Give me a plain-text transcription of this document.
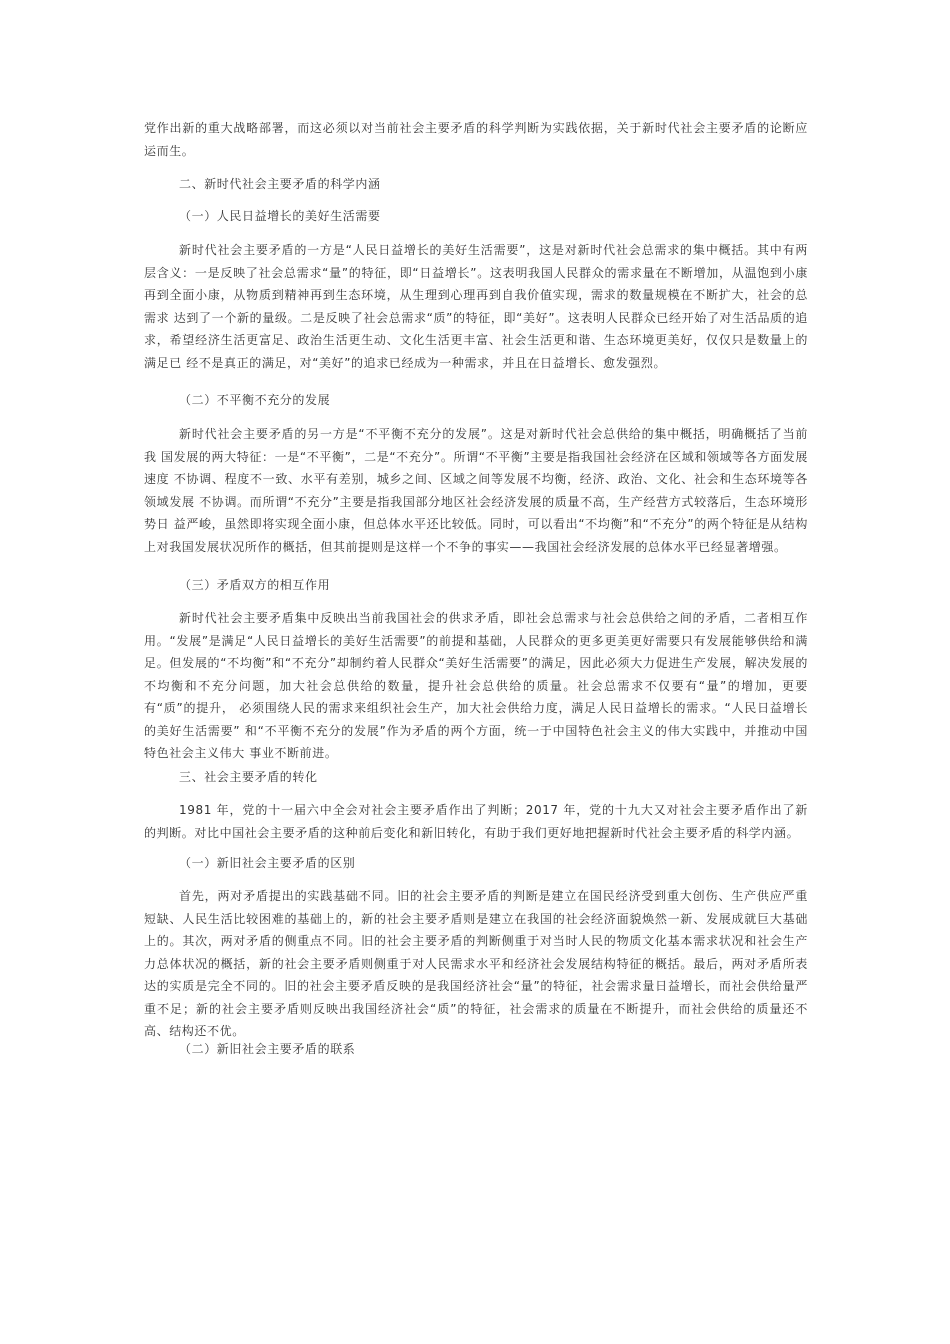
党作出新的重大战略部署，而这必须以对当前社会主要矛盾的科学判断为实践依据，关于新时代社会主要矛盾的论断应运而生。

二、新时代社会主要矛盾的科学内涵

（一）人民日益增长的美好生活需要

新时代社会主要矛盾的一方是“人民日益增长的美好生活需要”，这是对新时代社会总需求的集中概括。其中有两层含义：一是反映了社会总需求“量”的特征，即“日益增长”。这表明我国人民群众的需求量在不断增加，从温饱到小康再到全面小康，从物质到精神再到生态环境，从生理到心理再到自我价值实现，需求的数量规模在不断扩大，社会的总需求 达到了一个新的量级。二是反映了社会总需求“质”的特征，即“美好”。这表明人民群众已经开始了对生活品质的追求，希望经济生活更富足、政治生活更生动、文化生活更丰富、社会生活更和谐、生态环境更美好，仅仅只是数量上的满足已 经不是真正的满足，对“美好”的追求已经成为一种需求，并且在日益增长、愈发强烈。

（二）不平衡不充分的发展

新时代社会主要矛盾的另一方是“不平衡不充分的发展”。这是对新时代社会总供给的集中概括，明确概括了当前我 国发展的两大特征：一是“不平衡”，二是“不充分”。所谓“不平衡”主要是指我国社会经济在区域和领域等各方面发展速度 不协调、程度不一致、水平有差别，城乡之间、区域之间等发展不均衡，经济、政治、文化、社会和生态环境等各领域发展 不协调。而所谓“不充分”主要是指我国部分地区社会经济发展的质量不高，生产经营方式较落后，生态环境形势日 益严峻，虽然即将实现全面小康，但总体水平还比较低。同时，可以看出“不均衡”和“不充分”的两个特征是从结构上对我国发展状况所作的概括，但其前提则是这样一个不争的事实——我国社会经济发展的总体水平已经显著增强。

（三）矛盾双方的相互作用

新时代社会主要矛盾集中反映出当前我国社会的供求矛盾，即社会总需求与社会总供给之间的矛盾，二者相互作 用。“发展”是满足“人民日益增长的美好生活需要”的前提和基础，人民群众的更多更美更好需要只有发展能够供给和满足。但发展的“不均衡”和“不充分”却制约着人民群众“美好生活需要”的满足，因此必须大力促进生产发展，解决发展的不均衡和不充分问题，加大社会总供给的数量，提升社会总供给的质量。社会总需求不仅要有“量”的增加，更要有“质”的提升， 必须围绕人民的需求来组织社会生产，加大社会供给力度，满足人民日益增长的需求。“人民日益增长的美好生活需要” 和“不平衡不充分的发展”作为矛盾的两个方面，统一于中国特色社会主义的伟大实践中，并推动中国特色社会主义伟大 事业不断前进。

三、社会主要矛盾的转化

1981 年，党的十一届六中全会对社会主要矛盾作出了判断；2017 年，党的十九大又对社会主要矛盾作出了新的判断。对比中国社会主要矛盾的这种前后变化和新旧转化，有助于我们更好地把握新时代社会主要矛盾的科学内涵。

（一）新旧社会主要矛盾的区别

首先，两对矛盾提出的实践基础不同。旧的社会主要矛盾的判断是建立在国民经济受到重大创伤、生产供应严重 短缺、人民生活比较困难的基础上的，新的社会主要矛盾则是建立在我国的社会经济面貌焕然一新、发展成就巨大基础上的。其次，两对矛盾的侧重点不同。旧的社会主要矛盾的判断侧重于对当时人民的物质文化基本需求状况和社会生产力总体状况的概括，新的社会主要矛盾则侧重于对人民需求水平和经济社会发展结构特征的概括。最后，两对矛盾所表达的实质是完全不同的。旧的社会主要矛盾反映的是我国经济社会“量”的特征，社会需求量日益增长，而社会供给量严 重不足；新的社会主要矛盾则反映出我国经济社会“质”的特征，社会需求的质量在不断提升，而社会供给的质量还不高、结构还不优。

（二）新旧社会主要矛盾的联系
